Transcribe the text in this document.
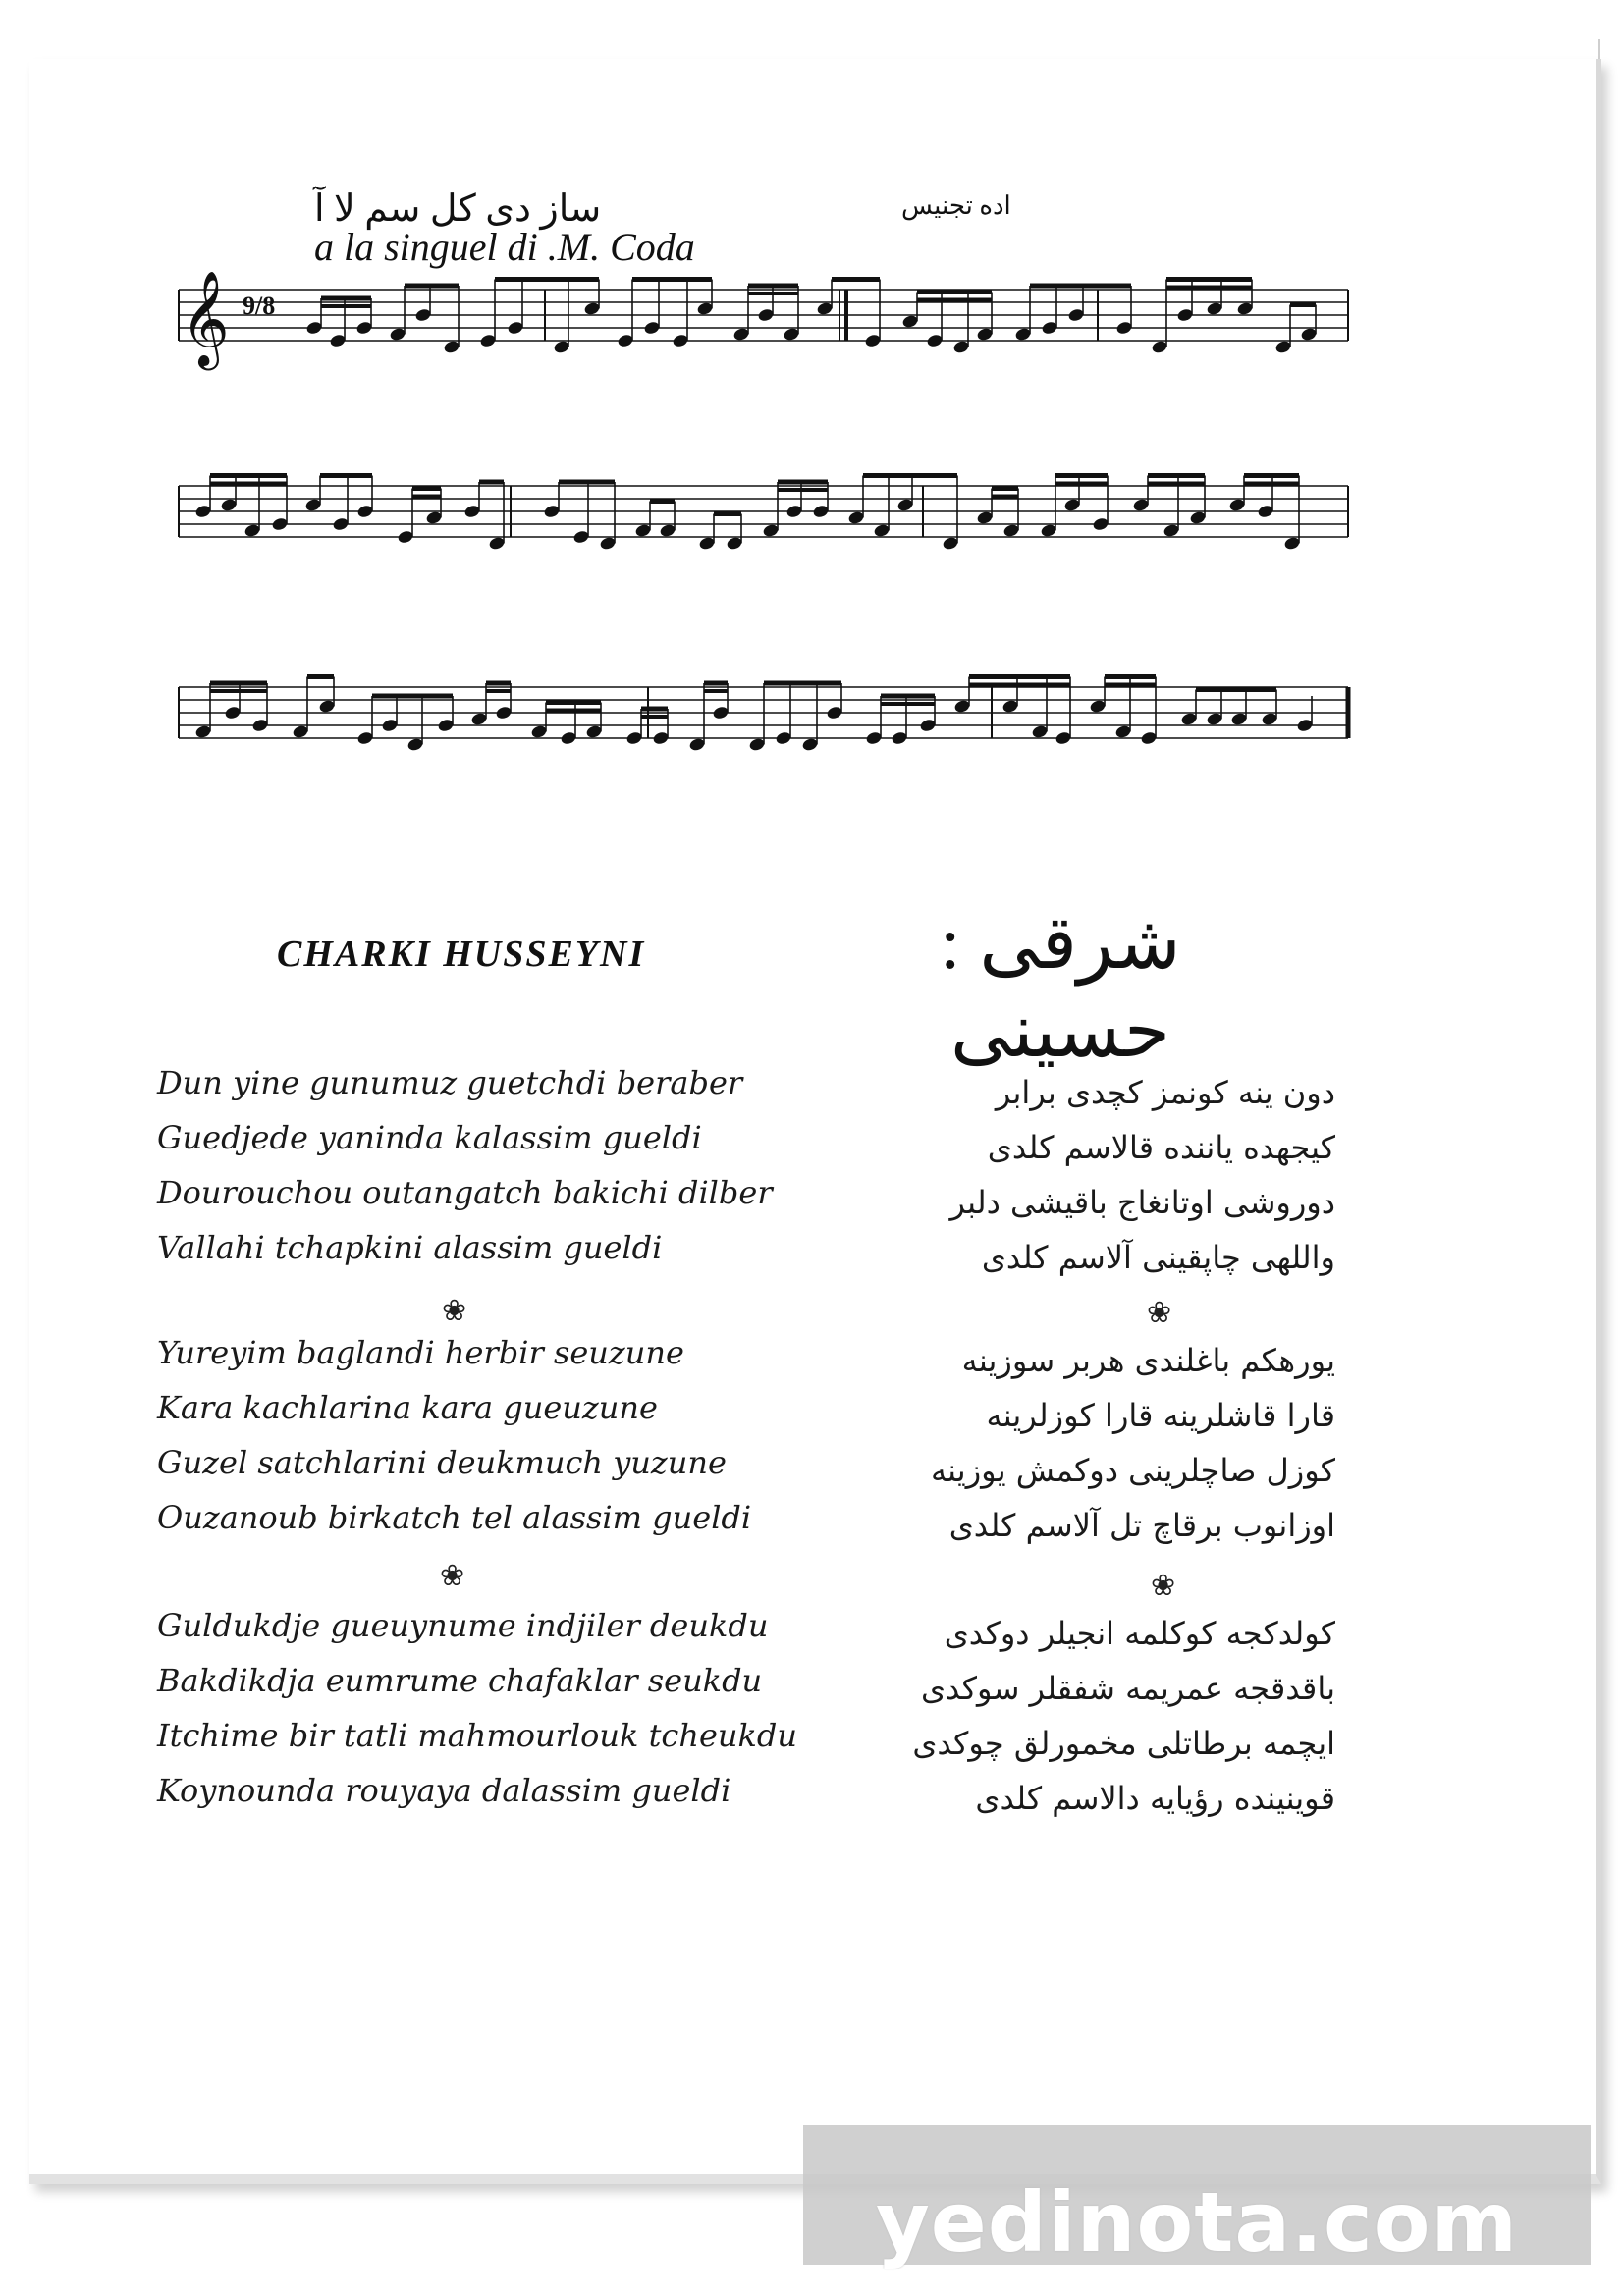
ساز دی کل سم لا آ
a la singuel di .M. Coda
اده تجنیس
9/8
𝄞
CHARKI HUSSEYNI	شرقی : حسینی
Dun yine gunumuz guetchdi beraber
Guedjede yaninda kalassim gueldi
Dourouchou outangatch bakichi dilber
Vallahi tchapkini alassim gueldi
دون ینه کونمز کچدی برابر
کیجهده یاننده قالاسم کلدی
دوروشی اوتانغاج باقیشی دلبر
واللهی چاپقینی آلاسم کلدی
❀	❀
Yureyim baglandi herbir seuzune
Kara kachlarina kara gueuzune
Guzel satchlarini deukmuch yuzune
Ouzanoub birkatch tel alassim gueldi
یورهکم باغلندی هربر سوزینه
قارا قاشلرینه قارا کوزلرینه
کوزل صاچلرینی دوکمش یوزینه
اوزانوب برقاچ تل آلاسم کلدی
❀	❀
Guldukdje gueuynume indjiler deukdu
Bakdikdja eumrume chafaklar seukdu
Itchime bir tatli mahmourlouk tcheukdu
Koynounda rouyaya dalassim gueldi
کولدکجه کوکلمه انجیلر دوکدی
باقدقجه عمریمه شفقلر سوکدی
ایچمه برطاتلی مخمورلق چوکدی
قوینینده رؤیایه دالاسم کلدی
yedinota.com
